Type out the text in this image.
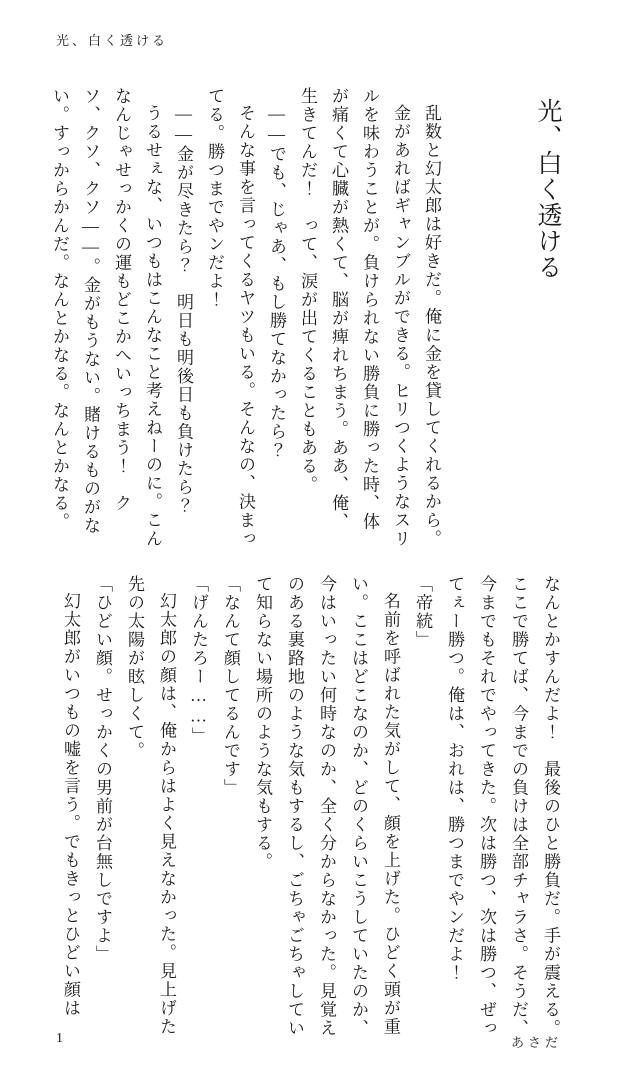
光、白く透ける
光、白く透ける

乱数と幻太郎は好きだ。俺に金を貸してくれるから。

金があればギャンブルができる。ヒリつくようなスリルを味わうことが。負けられない勝負に勝った時、体が痛くて心臓が熱くて、脳が痺れちまう。ああ、俺、生きてんだ！　って、涙が出てくることもある。

――でも、じゃあ、もし勝てなかったら？

そんな事を言ってくるヤツもいる。そんなの、決まってる。勝つまでやンだよ！

――金が尽きたら？　明日も明後日も負けたら？

うるせぇな、いつもはこんなこと考えねーのに。こんなんじゃせっかくの運もどこかへいっちまう！　クソ、クソ、クソ――。金がもうない。賭けるものがない。すっからかんだ。なんとかなる。なんとかなる。

なんとかすんだよ！　最後のひと勝負だ。手が震える。ここで勝てば、今までの負けは全部チャラさ。そうだ、今までもそれでやってきた。次は勝つ、次は勝つ、ぜってぇー勝つ。俺は、おれは、勝つまでやンだよ！

「帝統」

名前を呼ばれた気がして、顔を上げた。ひどく頭が重い。ここはどこなのか、どのくらいこうしていたのか、今はいったい何時なのか、全く分からなかった。見覚えのある裏路地のような気もするし、ごちゃごちゃしていて知らない場所のような気もする。

「なんて顔してるんです」

「げんたろー……」

幻太郎の顔は、俺からはよく見えなかった。見上げた先の太陽が眩しくて。

「ひどい顔。せっかくの男前が台無しですよ」

幻太郎がいつもの嘘を言う。でもきっとひどい顔は

1	あさだ
